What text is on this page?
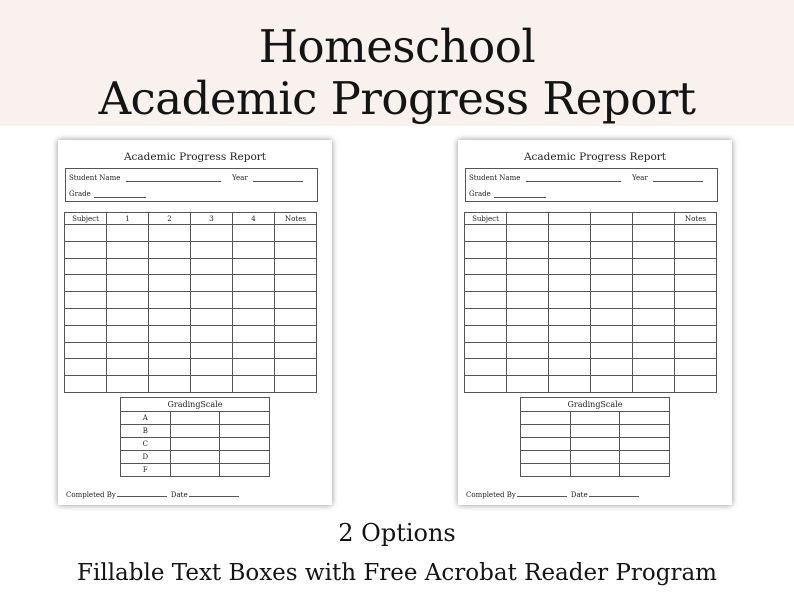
Homeschool
Academic Progress Report
Academic Progress Report
Student Name	Year
Grade
Subject	1	2	3	4	Notes

GradingScale		
A		
B		
C		
D		
F		
Completed By	Date
Academic Progress Report
Student Name	Year
Grade
Subject					Notes

GradingScale		

Completed By	Date
2 Options
Fillable Text Boxes with Free Acrobat Reader Program
